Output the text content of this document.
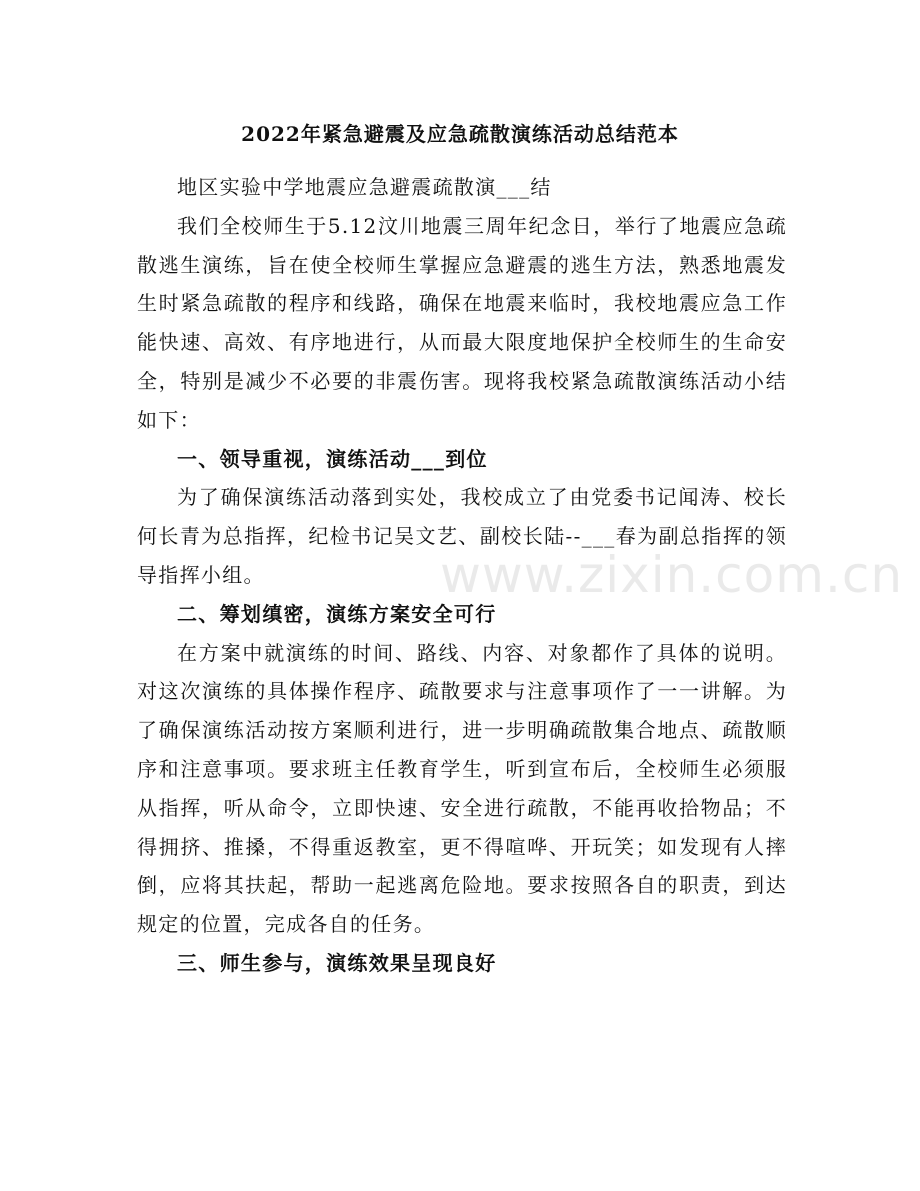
2022年紧急避震及应急疏散演练活动总结范本

地区实验中学地震应急避震疏散演___结

我们全校师生于5.12汶川地震三周年纪念日，举行了地震应急疏散逃生演练，旨在使全校师生掌握应急避震的逃生方法，熟悉地震发生时紧急疏散的程序和线路，确保在地震来临时，我校地震应急工作能快速、高效、有序地进行，从而最大限度地保护全校师生的生命安全，特别是减少不必要的非震伤害。现将我校紧急疏散演练活动小结如下：

一、领导重视，演练活动___到位

为了确保演练活动落到实处，我校成立了由党委书记闻涛、校长何长青为总指挥，纪检书记吴文艺、副校长陆--___春为副总指挥的领导指挥小组。

二、筹划缜密，演练方案安全可行

在方案中就演练的时间、路线、内容、对象都作了具体的说明。对这次演练的具体操作程序、疏散要求与注意事项作了一一讲解。为了确保演练活动按方案顺利进行，进一步明确疏散集合地点、疏散顺序和注意事项。要求班主任教育学生，听到宣布后，全校师生必须服从指挥，听从命令，立即快速、安全进行疏散，不能再收拾物品；不得拥挤、推搡，不得重返教室，更不得喧哗、开玩笑；如发现有人摔倒，应将其扶起，帮助一起逃离危险地。要求按照各自的职责，到达规定的位置，完成各自的任务。

三、师生参与，演练效果呈现良好

www.zixin.com.cn
